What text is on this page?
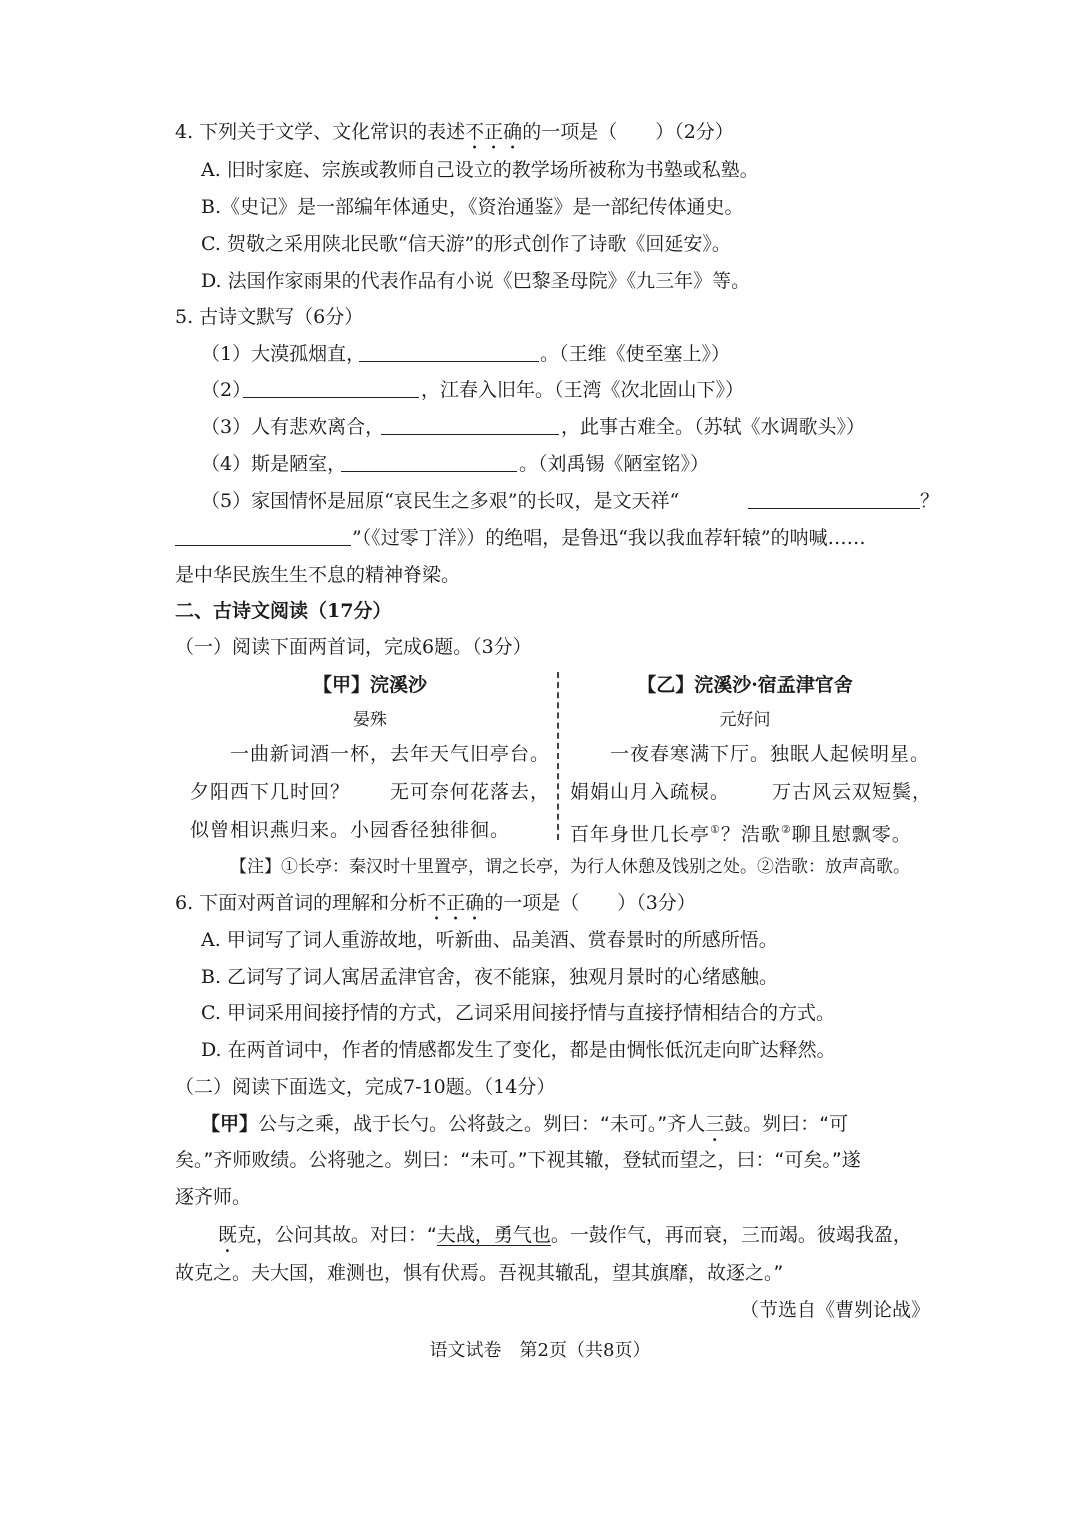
4. 下列关于文学、文化常识的表述不正确的一项是（　　）（2分）
A. 旧时家庭、宗族或教师自己设立的教学场所被称为书塾或私塾。
B.《史记》是一部编年体通史，《资治通鉴》是一部纪传体通史。
C. 贺敬之采用陕北民歌“信天游”的形式创作了诗歌《回延安》。
D. 法国作家雨果的代表作品有小说《巴黎圣母院》《九三年》等。
5. 古诗文默写（6分）
（1）大漠孤烟直，	。（王维《使至塞上》）
（2）	，江春入旧年。（王湾《次北固山下》）
（3）人有悲欢离合，	，此事古难全。（苏轼《水调歌头》）
（4）斯是陋室，	。（刘禹锡《陋室铭》）
（5）家国情怀是屈原“哀民生之多艰”的长叹，是文天祥“	？
”（《过零丁洋》）的绝唱，是鲁迅“我以我血荐轩辕”的呐喊……
是中华民族生生不息的精神脊梁。
二、古诗文阅读（17分）
（一）阅读下面两首词，完成6题。（3分）
【甲】浣溪沙	【乙】浣溪沙·宿孟津官舍
晏殊	元好问
一曲新词酒一杯，去年天气旧亭台。
夕阳西下几时回？ 无可奈何花落去，
似曾相识燕归来。小园香径独徘徊。
一夜春寒满下厅。独眠人起候明星。
娟娟山月入疏棂。 万古风云双短鬓，
百年身世几长亭①？浩歌②聊且慰飘零。
【注】①长亭：秦汉时十里置亭，谓之长亭，为行人休憩及饯别之处。②浩歌：放声高歌。
6. 下面对两首词的理解和分析不正确的一项是（　　）（3分）
A. 甲词写了词人重游故地，听新曲、品美酒、赏春景时的所感所悟。
B. 乙词写了词人寓居孟津官舍，夜不能寐，独观月景时的心绪感触。
C. 甲词采用间接抒情的方式，乙词采用间接抒情与直接抒情相结合的方式。
D. 在两首词中，作者的情感都发生了变化，都是由惆怅低沉走向旷达释然。
（二）阅读下面选文，完成7-10题。（14分）
【甲】公与之乘，战于长勺。公将鼓之。刿曰：“未可。”齐人三鼓。刿曰：“可
矣。”齐师败绩。公将驰之。刿曰：“未可。”下视其辙，登轼而望之，曰：“可矣。”遂
逐齐师。
既克，公问其故。对曰：“夫战，勇气也。一鼓作气，再而衰，三而竭。彼竭我盈，
故克之。夫大国，难测也，惧有伏焉。吾视其辙乱，望其旗靡，故逐之。”
（节选自《曹刿论战》
语文试卷　第2页（共8页）
